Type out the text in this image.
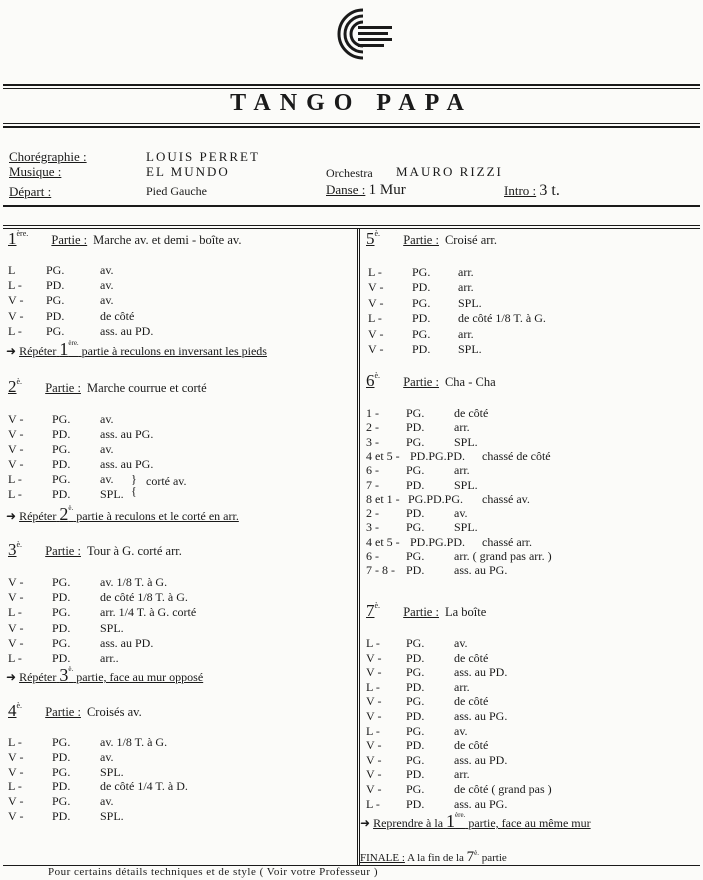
TANGO PAPA
Chorégraphie :	LOUIS PERRET
Musique :	EL MUNDO	Orchestra MAURO RIZZI
Départ :	Pied Gauche	Danse : 1 Mur	Intro : 3 t.
$1^{ère.}$ Partie : Marche av. et demi - boîte av.
L	PG.	av.
L - PD.	av.
V - PG.	av.
V - PD.	de côté
L - PG.	ass. au PD.
➜ Répéter $1^{ère.}$ partie à reculons en inversant les pieds
$2^{è.}$ Partie : Marche courrue et corté
V - PG. av.
V - PD. ass. au PG.
V - PG. av.
V - PD. ass. au PG.
L -	PG. av.
L -	PD. SPL.
}
{
corté av.
➜ Répéter $2^{è.}$ partie à reculons et le corté en arr.
$3^{è.}$ Partie : Tour à G. corté arr.
V - PG. av. 1/8 T. à G.
V - PD. de côté 1/8 T. à G.
L -	PG. arr. 1/4 T. à G. corté
V - PD. SPL.
V - PG. ass. au PD.
L -	PD. arr..
➜ Répéter $3^{è.}$ partie, face au mur opposé
$4^{è.}$ Partie : Croisés av.
L -	PG. av. 1/8 T. à G.
V - PD. av.
V - PG. SPL.
L -	PD. de côté 1/4 T. à D.
V - PG. av.
V - PD. SPL.
$5^{è.}$ Partie : Croisé arr.
L -	PG. arr.
V - PD. arr.
V - PG. SPL.
L -	PD. de côté 1/8 T. à G.
V - PG. arr.
V - PD. SPL.
$6^{è.}$ Partie : Cha - Cha
1 - PG. de côté
2 - PD. arr.
3 - PG. SPL.
4 et 5 - PD.PG.PD. chassé de côté
6 - PG. arr.
7 - PD. SPL.
8 et 1 - PG.PD.PG. chassé av.
2 - PD. av.
3 - PG. SPL.
4 et 5 - PD.PG.PD. chassé arr.
6 - PG. arr. ( grand pas arr. )
7 - 8 - PD. ass. au PG.
$7^{è.}$ Partie : La boîte
L - PG. av.
V - PD. de côté
V - PG. ass. au PD.
L - PD. arr.
V - PG. de côté
V - PD. ass. au PG.
L - PG. av.
V - PD. de côté
V - PG. ass. au PD.
V - PD. arr.
V - PG. de côté ( grand pas )
L - PD. ass. au PG.
➜ Reprendre à la $1^{ère.}$ partie, face au même mur
FINALE : A la fin de la $7^{è.}$ partie
Pour certains détails techniques et de style ( Voir votre Professeur )
